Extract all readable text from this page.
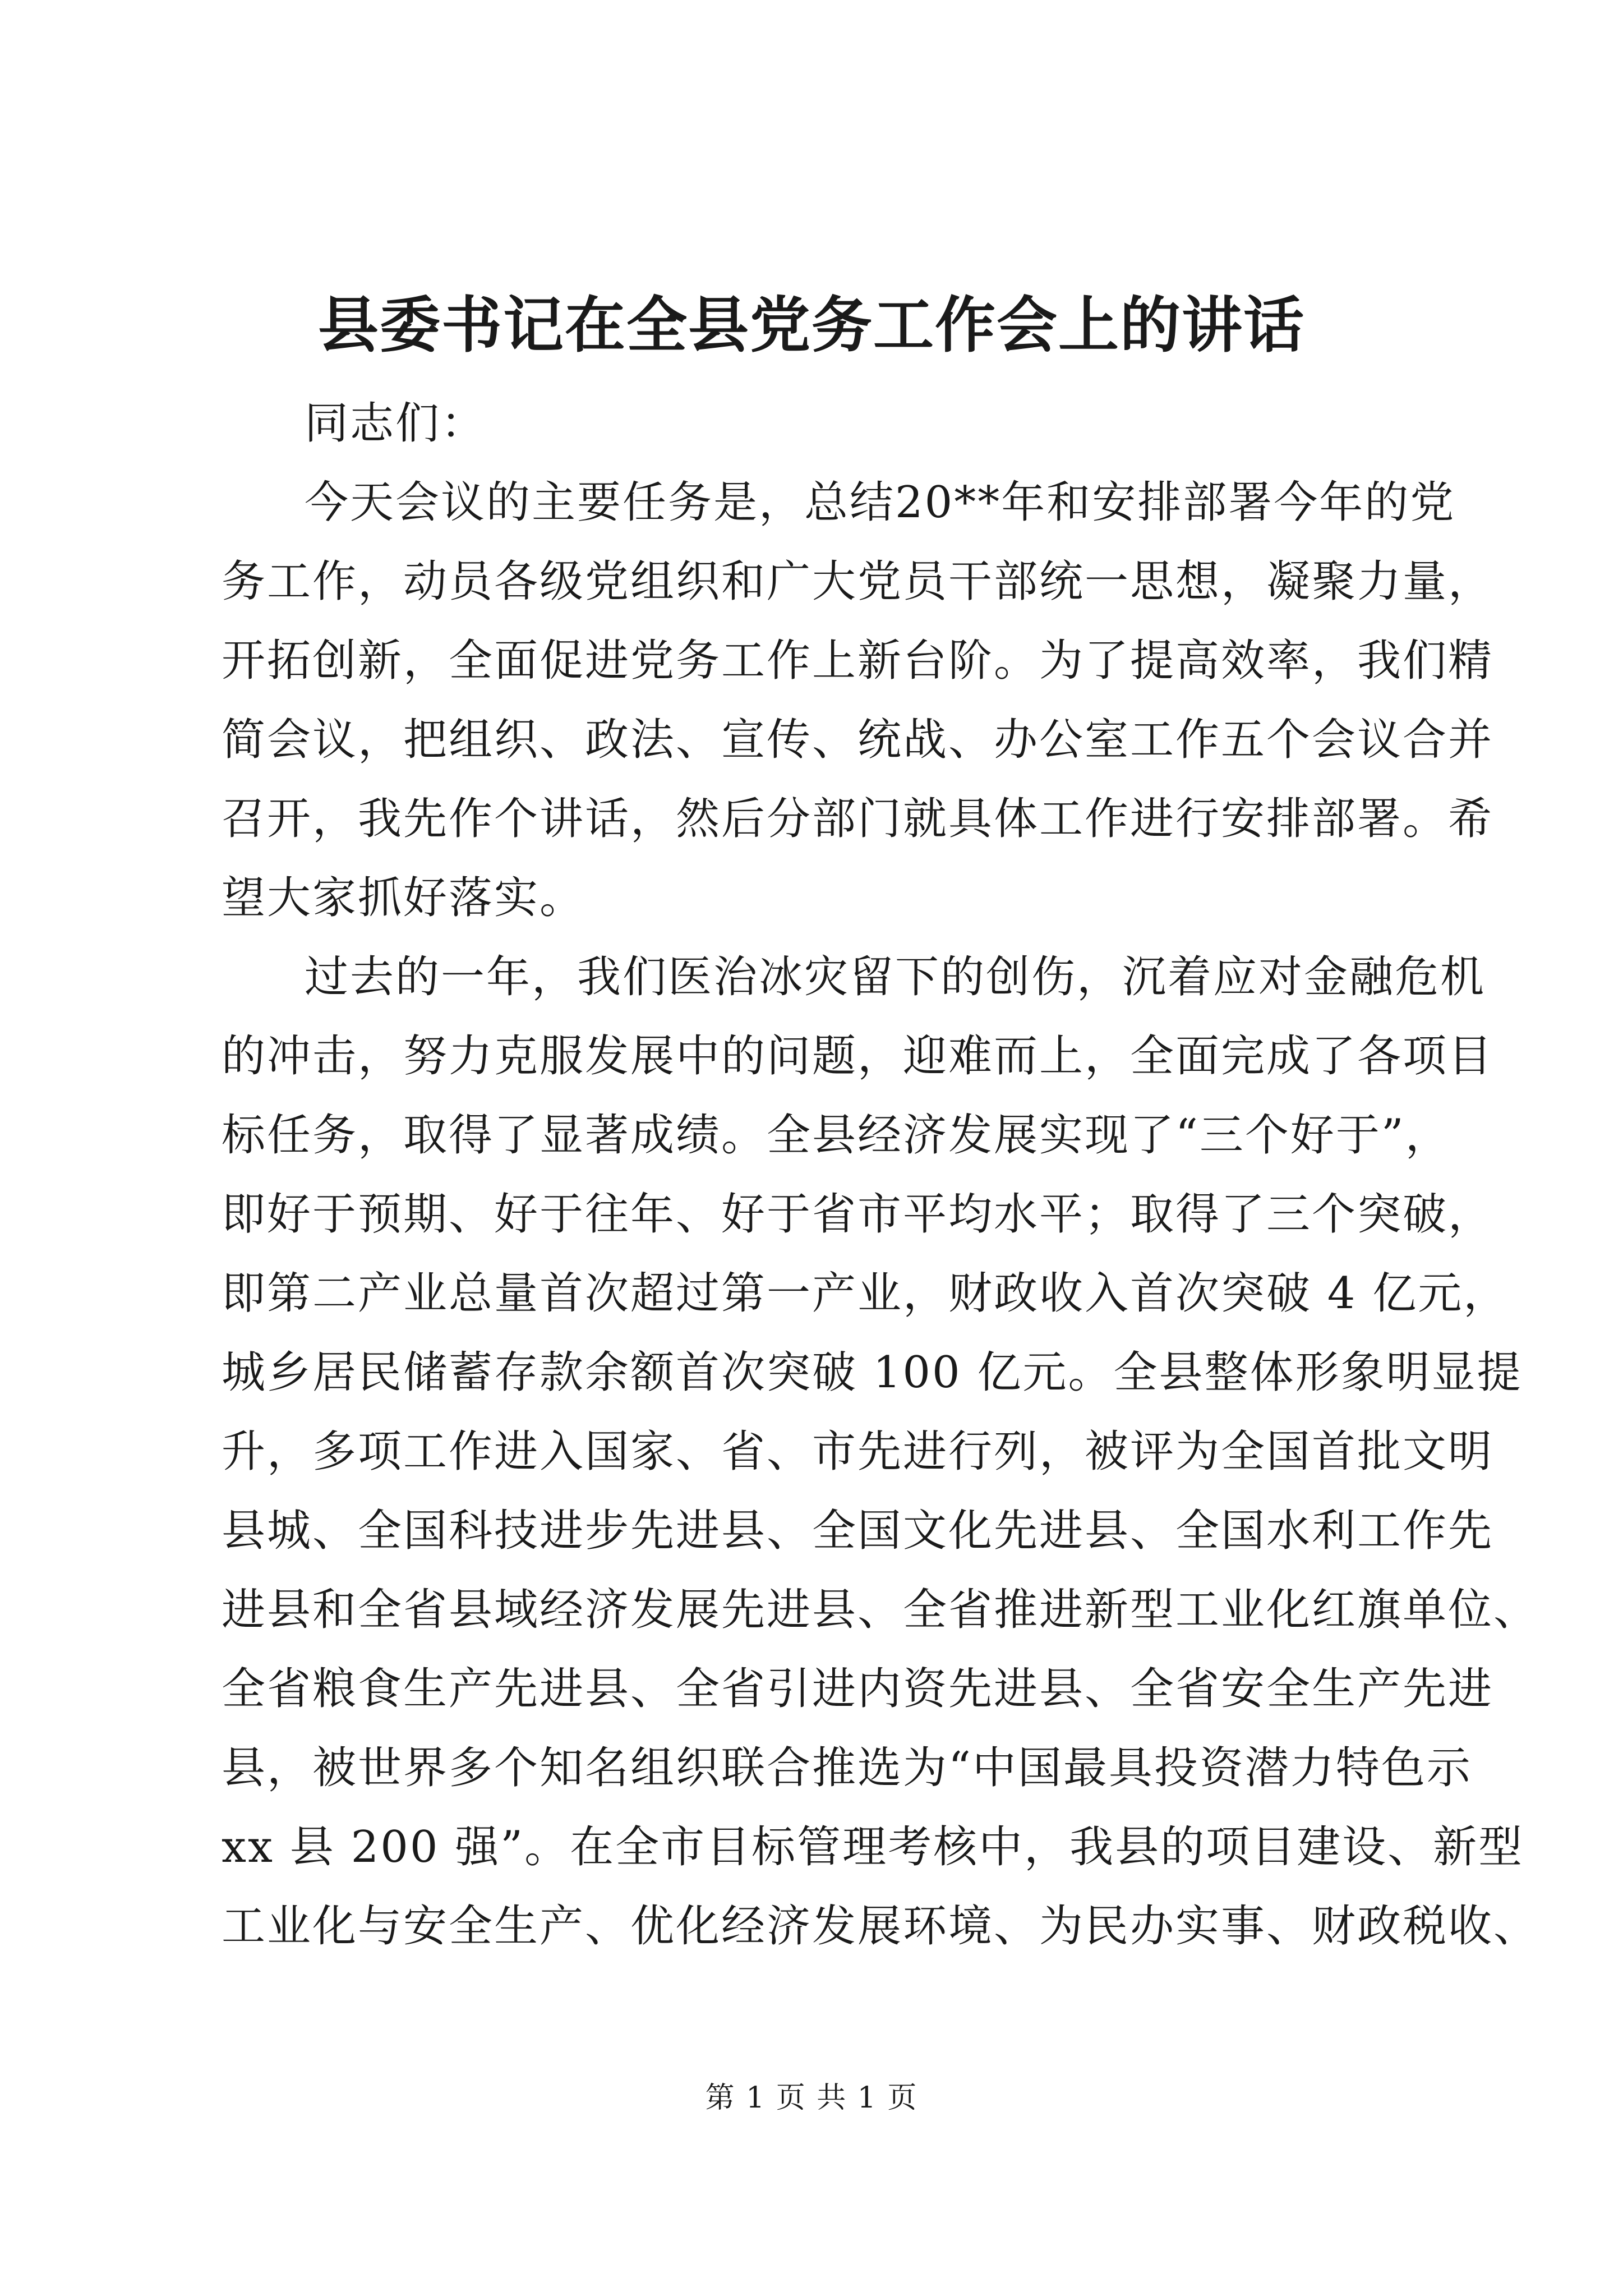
县委书记在全县党务工作会上的讲话
同志们：
今天会议的主要任务是，总结20**年和安排部署今年的党
务工作，动员各级党组织和广大党员干部统一思想，凝聚力量，
开拓创新，全面促进党务工作上新台阶。为了提高效率，我们精
简会议，把组织、政法、宣传、统战、办公室工作五个会议合并
召开，我先作个讲话，然后分部门就具体工作进行安排部署。希
望大家抓好落实。
过去的一年，我们医治冰灾留下的创伤，沉着应对金融危机
的冲击，努力克服发展中的问题，迎难而上，全面完成了各项目
标任务，取得了显著成绩。全县经济发展实现了“三个好于”，
即好于预期、好于往年、好于省市平均水平；取得了三个突破，
即第二产业总量首次超过第一产业，财政收入首次突破 4 亿元，
城乡居民储蓄存款余额首次突破 100 亿元。全县整体形象明显提
升，多项工作进入国家、省、市先进行列，被评为全国首批文明
县城、全国科技进步先进县、全国文化先进县、全国水利工作先
进县和全省县域经济发展先进县、全省推进新型工业化红旗单位、
全省粮食生产先进县、全省引进内资先进县、全省安全生产先进
县，被世界多个知名组织联合推选为“中国最具投资潜力特色示
xx 县 200 强”。在全市目标管理考核中，我县的项目建设、新型
工业化与安全生产、优化经济发展环境、为民办实事、财政税收、
第 1 页 共 1 页
